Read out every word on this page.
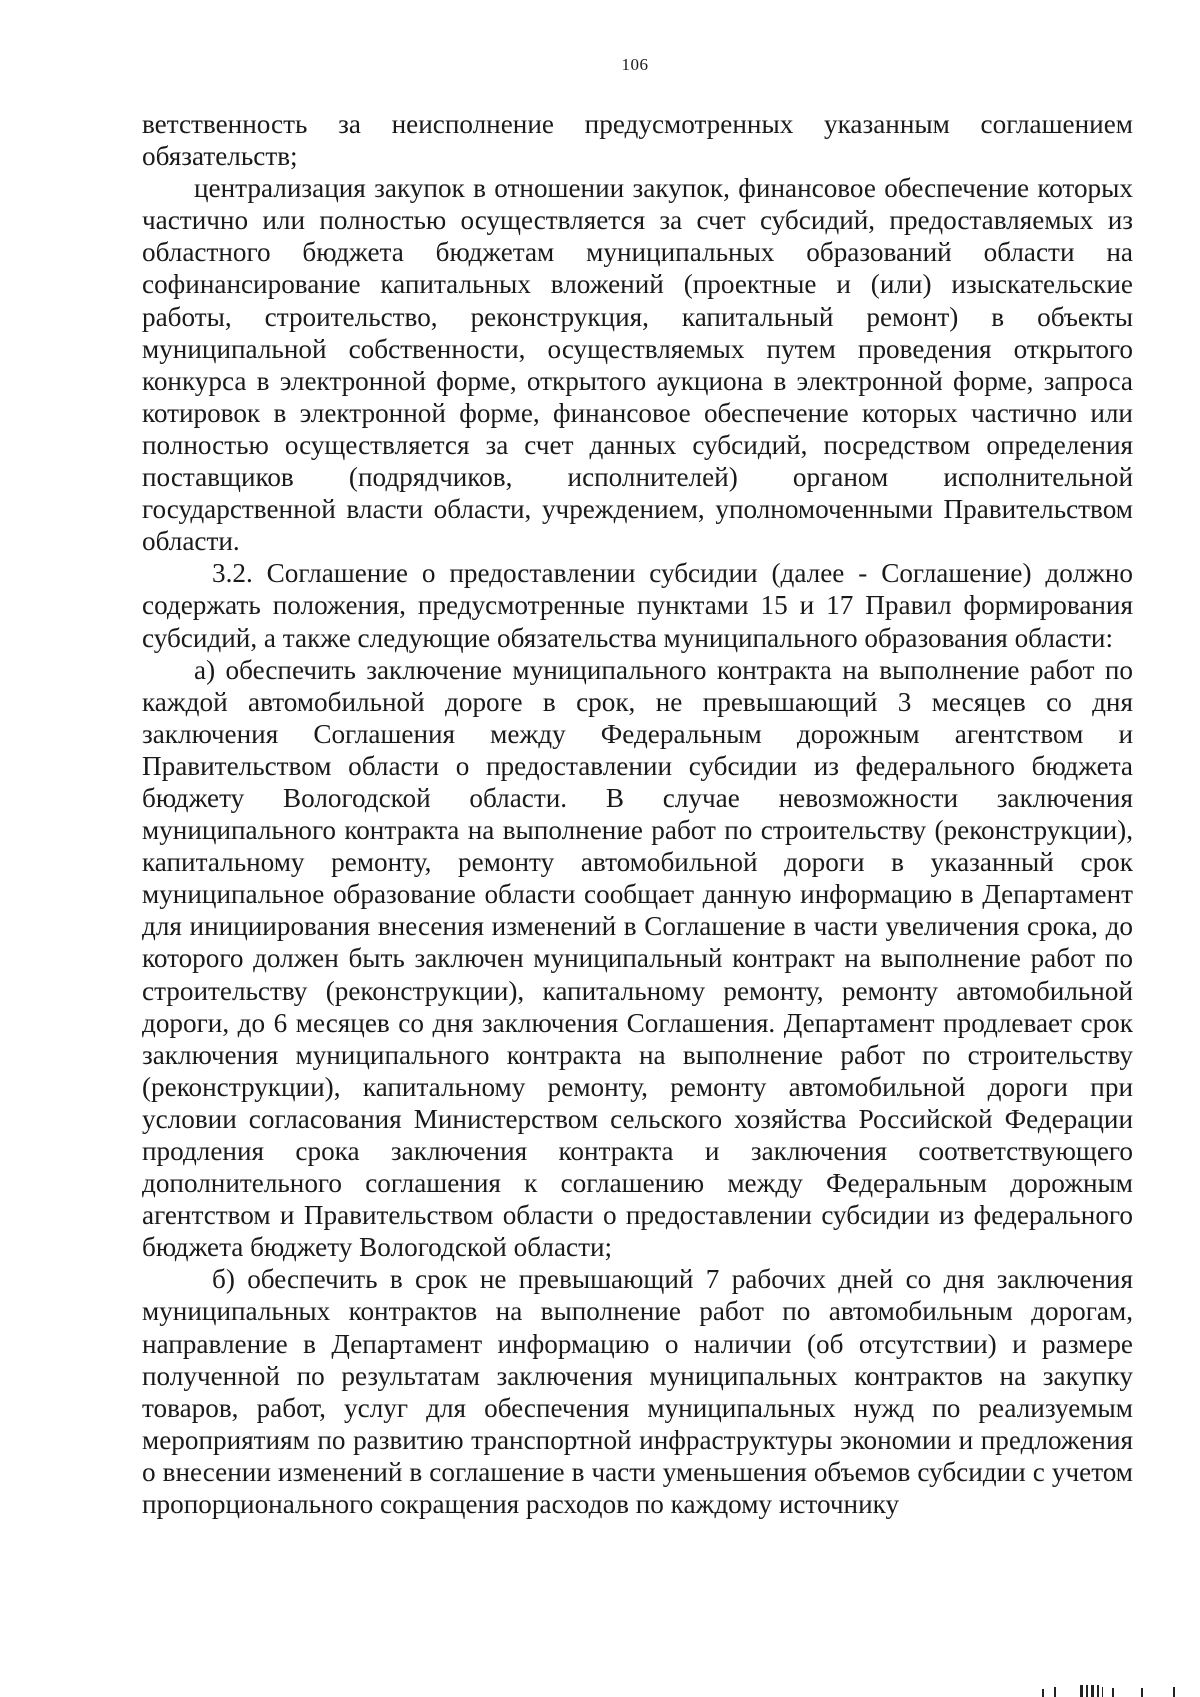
106

ветственность за неисполнение предусмотренных указанным соглашением обязательств;

централизация закупок в отношении закупок, финансовое обеспечение которых частично или полностью осуществляется за счет субсидий, предоставляемых из областного бюджета бюджетам муниципальных образований области на софинансирование капитальных вложений (проектные и (или) изыскательские работы, строительство, реконструкция, капитальный ремонт) в объекты муниципальной собственности, осуществляемых путем проведения открытого конкурса в электронной форме, открытого аукциона в электронной форме, запроса котировок в электронной форме, финансовое обеспечение которых частично или полностью осуществляется за счет данных субсидий, посредством определения поставщиков (подрядчиков, исполнителей) органом исполнительной государственной власти области, учреждением, уполномоченными Правительством области.

3.2. Соглашение о предоставлении субсидии (далее - Соглашение) должно содержать положения, предусмотренные пунктами 15 и 17 Правил формирования субсидий, а также следующие обязательства муниципального образования области:

а) обеспечить заключение муниципального контракта на выполнение работ по каждой автомобильной дороге в срок, не превышающий 3 месяцев со дня заключения Соглашения между Федеральным дорожным агентством и Правительством области о предоставлении субсидии из федерального бюджета бюджету Вологодской области. В случае невозможности заключения муниципального контракта на выполнение работ по строительству (реконструкции), капитальному ремонту, ремонту автомобильной дороги в указанный срок муниципальное образование области сообщает данную информацию в Департамент для инициирования внесения изменений в Соглашение в части увеличения срока, до которого должен быть заключен муниципальный контракт на выполнение работ по строительству (реконструкции), капитальному ремонту, ремонту автомобильной дороги, до 6 месяцев со дня заключения Соглашения. Департамент продлевает срок заключения муниципального контракта на выполнение работ по строительству (реконструкции), капитальному ремонту, ремонту автомобильной дороги при условии согласования Министерством сельского хозяйства Российской Федерации продления срока заключения контракта и заключения соответствующего дополнительного соглашения к соглашению между Федеральным дорожным агентством и Правительством области о предоставлении субсидии из федерального бюджета бюджету Вологодской области;

б) обеспечить в срок не превышающий 7 рабочих дней со дня заключения муниципальных контрактов на выполнение работ по автомобильным дорогам, направление в Департамент информацию о наличии (об отсутствии) и размере полученной по результатам заключения муниципальных контрактов на закупку товаров, работ, услуг для обеспечения муниципальных нужд по реализуемым мероприятиям по развитию транспортной инфраструктуры экономии и предложения о внесении изменений в соглашение в части уменьшения объемов субсидии с учетом пропорционального сокращения расходов по каждому источнику
